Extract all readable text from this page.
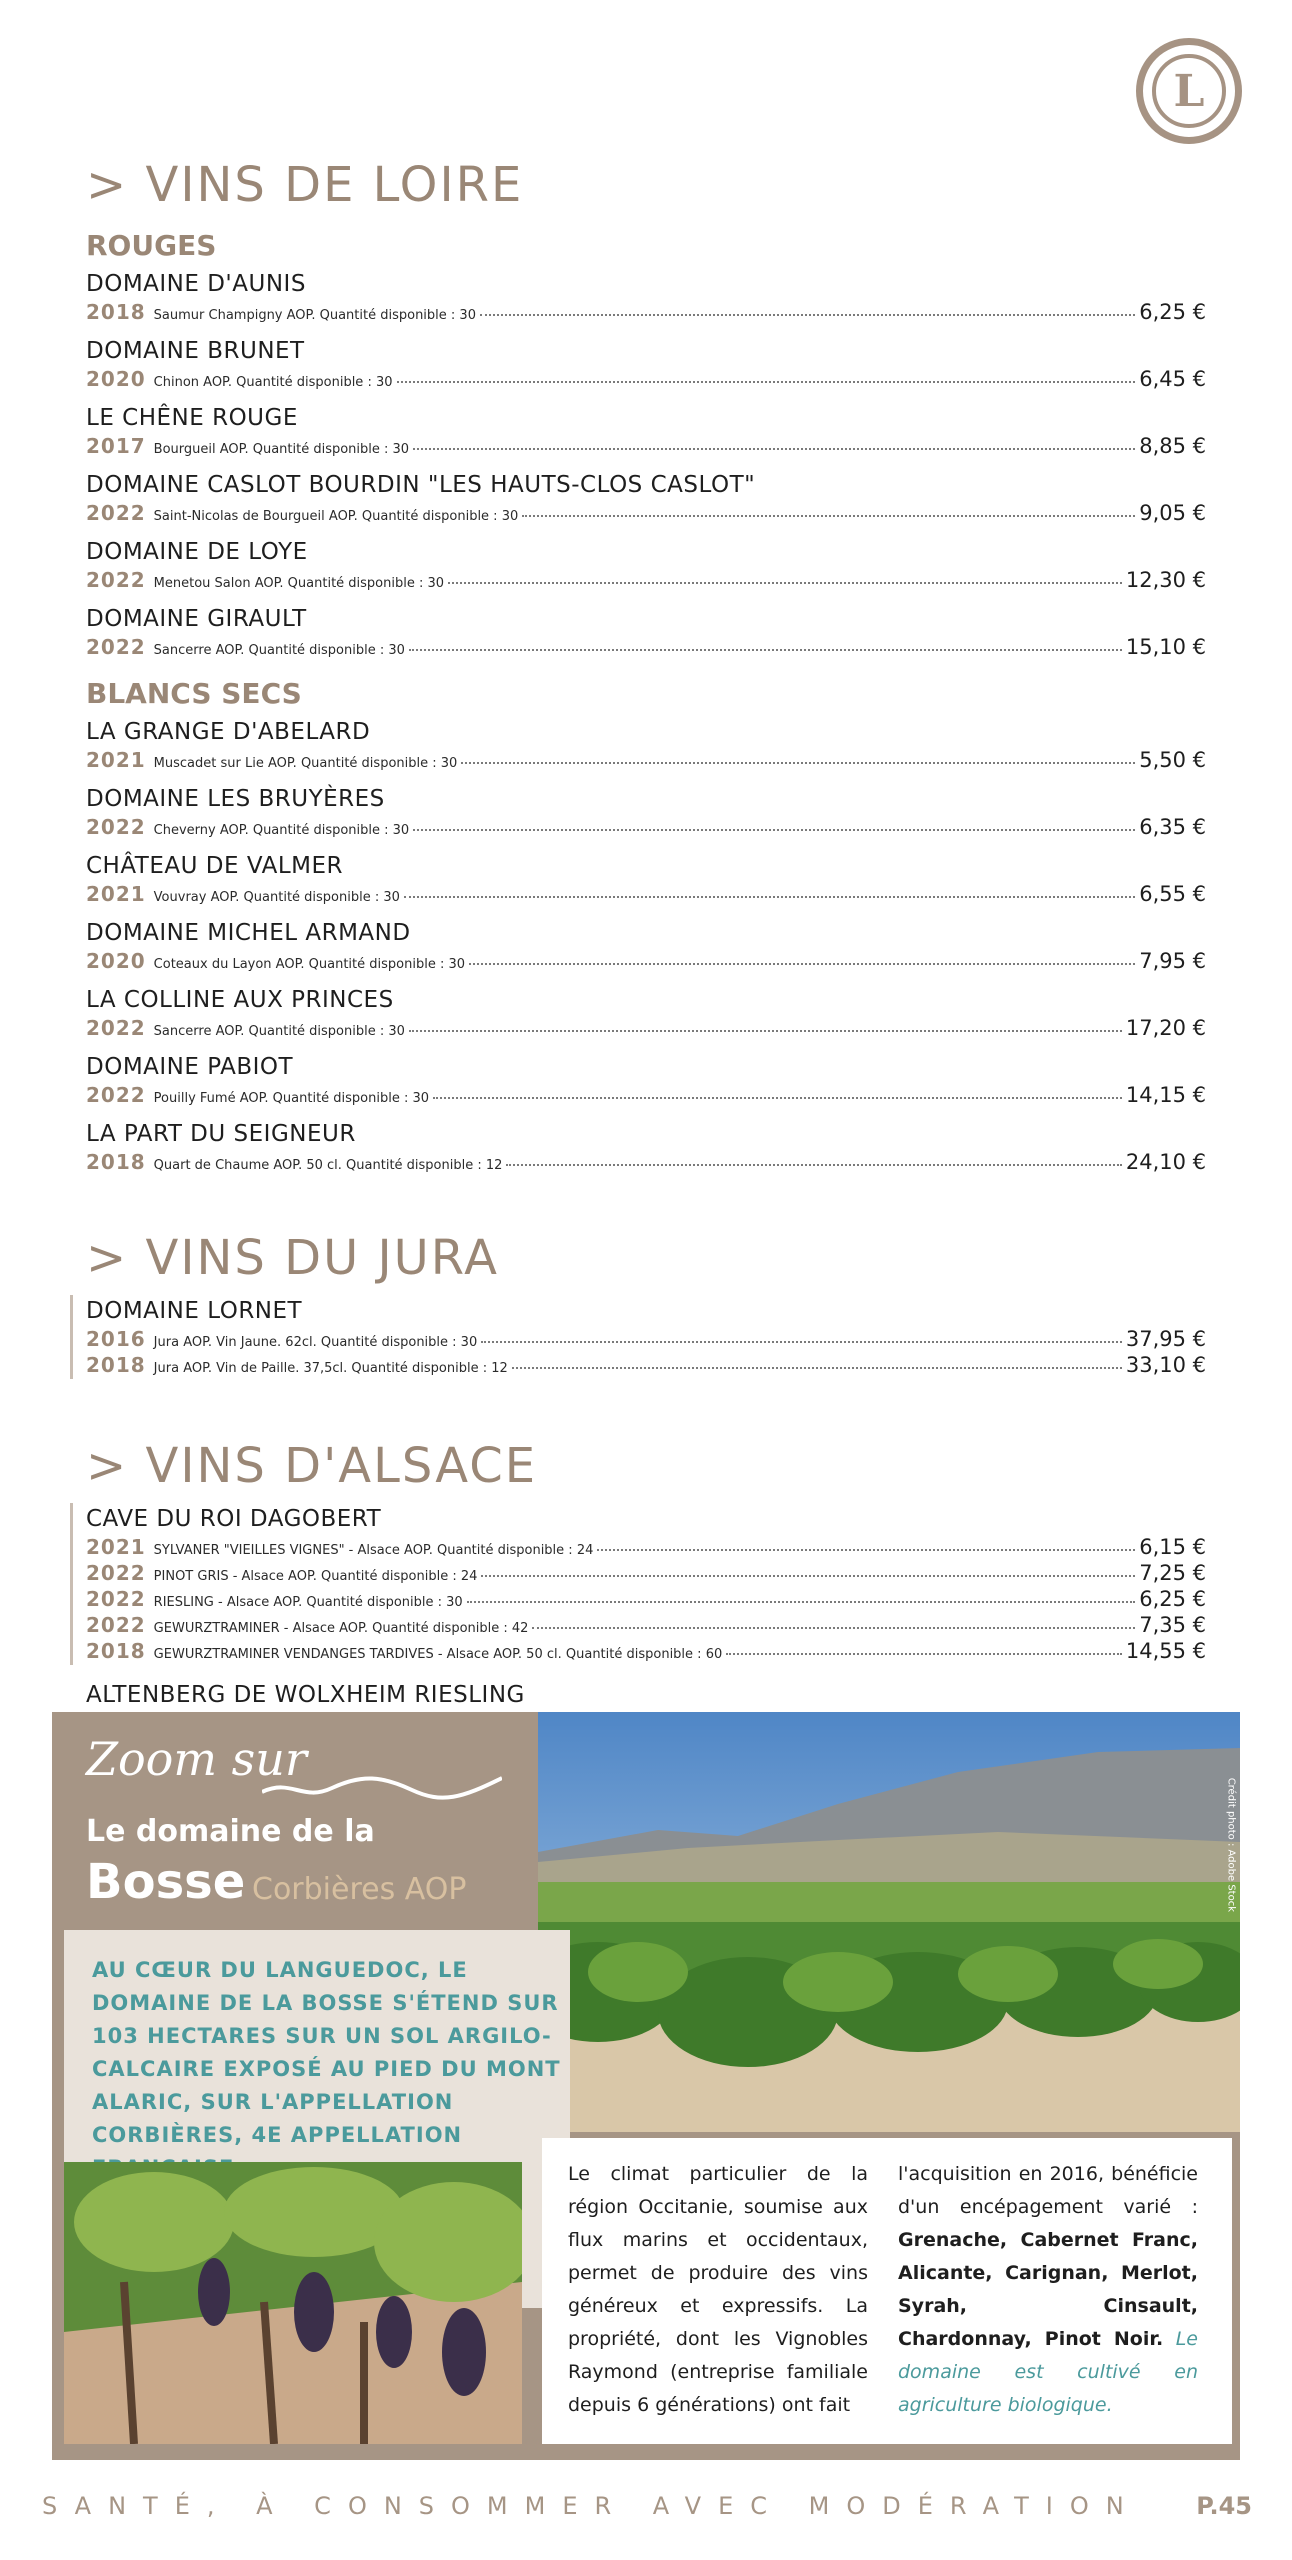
L
> VINS DE LOIRE
ROUGES
DOMAINE D'AUNIS
2018 Saumur Champigny AOP. Quantité disponible : 30	6,25 €
DOMAINE BRUNET
2020 Chinon AOP. Quantité disponible : 30	6,45 €
LE CHÊNE ROUGE
2017 Bourgueil AOP. Quantité disponible : 30	8,85 €
DOMAINE CASLOT BOURDIN "LES HAUTS-CLOS CASLOT"
2022 Saint-Nicolas de Bourgueil AOP. Quantité disponible : 30	9,05 €
DOMAINE DE LOYE
2022 Menetou Salon AOP. Quantité disponible : 30	12,30 €
DOMAINE GIRAULT
2022 Sancerre AOP. Quantité disponible : 30	15,10 €
BLANCS SECS
LA GRANGE D'ABELARD
2021 Muscadet sur Lie AOP. Quantité disponible : 30	5,50 €
DOMAINE LES BRUYÈRES
2022 Cheverny AOP. Quantité disponible : 30	6,35 €
CHÂTEAU DE VALMER
2021 Vouvray AOP. Quantité disponible : 30	6,55 €
DOMAINE MICHEL ARMAND
2020 Coteaux du Layon AOP. Quantité disponible : 30	7,95 €
LA COLLINE AUX PRINCES
2022 Sancerre AOP. Quantité disponible : 30	17,20 €
DOMAINE PABIOT
2022 Pouilly Fumé AOP. Quantité disponible : 30	14,15 €
LA PART DU SEIGNEUR
2018 Quart de Chaume AOP. 50 cl. Quantité disponible : 12	24,10 €
> VINS DU JURA
DOMAINE LORNET
2016 Jura AOP. Vin Jaune. 62cl. Quantité disponible : 30	37,95 €
2018 Jura AOP. Vin de Paille. 37,5cl. Quantité disponible : 12	33,10 €
> VINS D'ALSACE
CAVE DU ROI DAGOBERT
2021 SYLVANER "VIEILLES VIGNES" - Alsace AOP. Quantité disponible : 24	6,15 €
2022 PINOT GRIS - Alsace AOP. Quantité disponible : 24	7,25 €
2022 RIESLING - Alsace AOP. Quantité disponible : 30	6,25 €
2022 GEWURZTRAMINER - Alsace AOP. Quantité disponible : 42	7,35 €
2018 GEWURZTRAMINER VENDANGES TARDIVES - Alsace AOP. 50 cl. Quantité disponible : 60	14,55 €
ALTENBERG DE WOLXHEIM RIESLING
Crédit photo : Adobe Stock
Zoom sur
Le domaine de la
Bosse Corbières AOP

AU CŒUR DU LANGUEDOC, LE DOMAINE DE LA BOSSE S'ÉTEND SUR 103 HECTARES SUR UN SOL ARGILO-CALCAIRE EXPOSÉ AU PIED DU MONT ALARIC, SUR L'APPELLATION CORBIÈRES, 4E APPELLATION

Le climat particulier de la région Occitanie, soumise aux flux marins et occidentaux, permet de produire des vins généreux et expressifs. La propriété, dont les Vignobles Raymond (entreprise familiale depuis 6 générations) ont fait
l'acquisition en 2016, bénéficie d'un encépagement varié : Grenache, Cabernet Franc, Alicante, Carignan, Merlot, Syrah, Cinsault, Chardonnay, Pinot Noir. Le domaine est cultivé en agriculture biologique.
SANTÉ, À CONSOMMER AVEC MODÉRATION P.45
